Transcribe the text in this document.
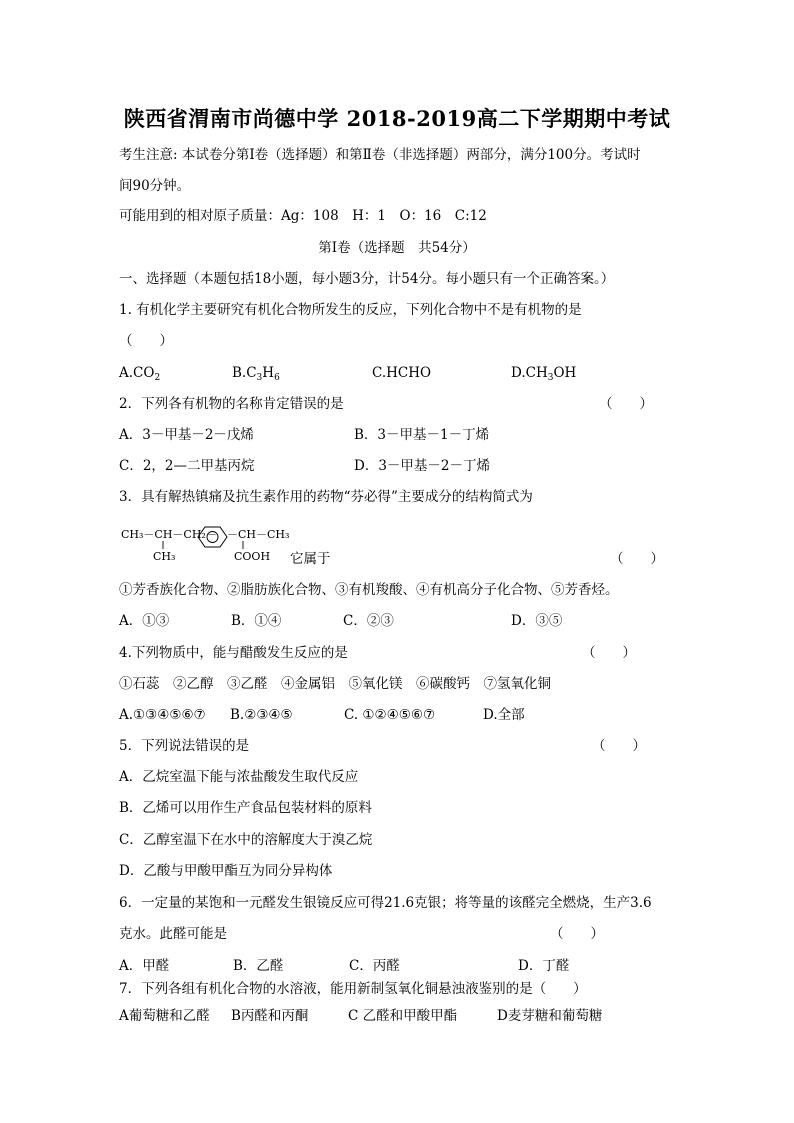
陕西省渭南市尚德中学 2018-2019高二下学期期中考试
考生注意: 本试卷分第Ⅰ卷（选择题）和第Ⅱ卷（非选择题）两部分，满分100分。考试时
间90分钟。
可能用到的相对原子质量：Ag：108　H：1　O：16　C:12
第Ⅰ卷（选择题　共54分）
一、选择题（本题包括18小题，每小题3分，计54分。每小题只有一个正确答案。）
1. 有机化学主要研究有机化合物所发生的反应，下列化合物中不是有机物的是
（　　）
$A.CO_2$	$B.C_3H_6$	C.HCHO	$D.CH_3OH$
2．下列各有机物的名称肯定错误的是	（　　）
A．3－甲基－2－戊烯	B．3－甲基－1－丁烯
C．2，2—二甲基丙烷	D．3－甲基－2－丁烯
3．具有解热镇痛及抗生素作用的药物“芬必得”主要成分的结构简式为
CH₃－CH－CH₂－
CH₃
－CH－CH₃
COOH 它属于	（　　）
①芳香族化合物、②脂肪族化合物、③有机羧酸、④有机高分子化合物、⑤芳香烃。
A．①③	B．①④	C．②③	D．③⑤
4.下列物质中，能与醋酸发生反应的是	（　　）
①石蕊　②乙醇　③乙醛　④金属铝　⑤氧化镁　⑥碳酸钙　⑦氢氧化铜
A.①③④⑤⑥⑦ B.②③④⑤	C. ①②④⑤⑥⑦	D.全部
5．下列说法错误的是	（　　）
A．乙烷室温下能与浓盐酸发生取代反应
B．乙烯可以用作生产食品包装材料的原料
C．乙醇室温下在水中的溶解度大于溴乙烷
D．乙酸与甲酸甲酯互为同分异构体
6．一定量的某饱和一元醛发生银镜反应可得21.6克银；将等量的该醛完全燃烧，生产3.6
克水。此醛可能是	（　　）
A．甲醛	B．乙醛	C．丙醛	D．丁醛
7．下列各组有机化合物的水溶液，能用新制氢氧化铜悬浊液鉴别的是（　　）
A葡萄糖和乙醛 B丙醛和丙酮	C 乙醛和甲酸甲酯	D麦芽糖和葡萄糖
